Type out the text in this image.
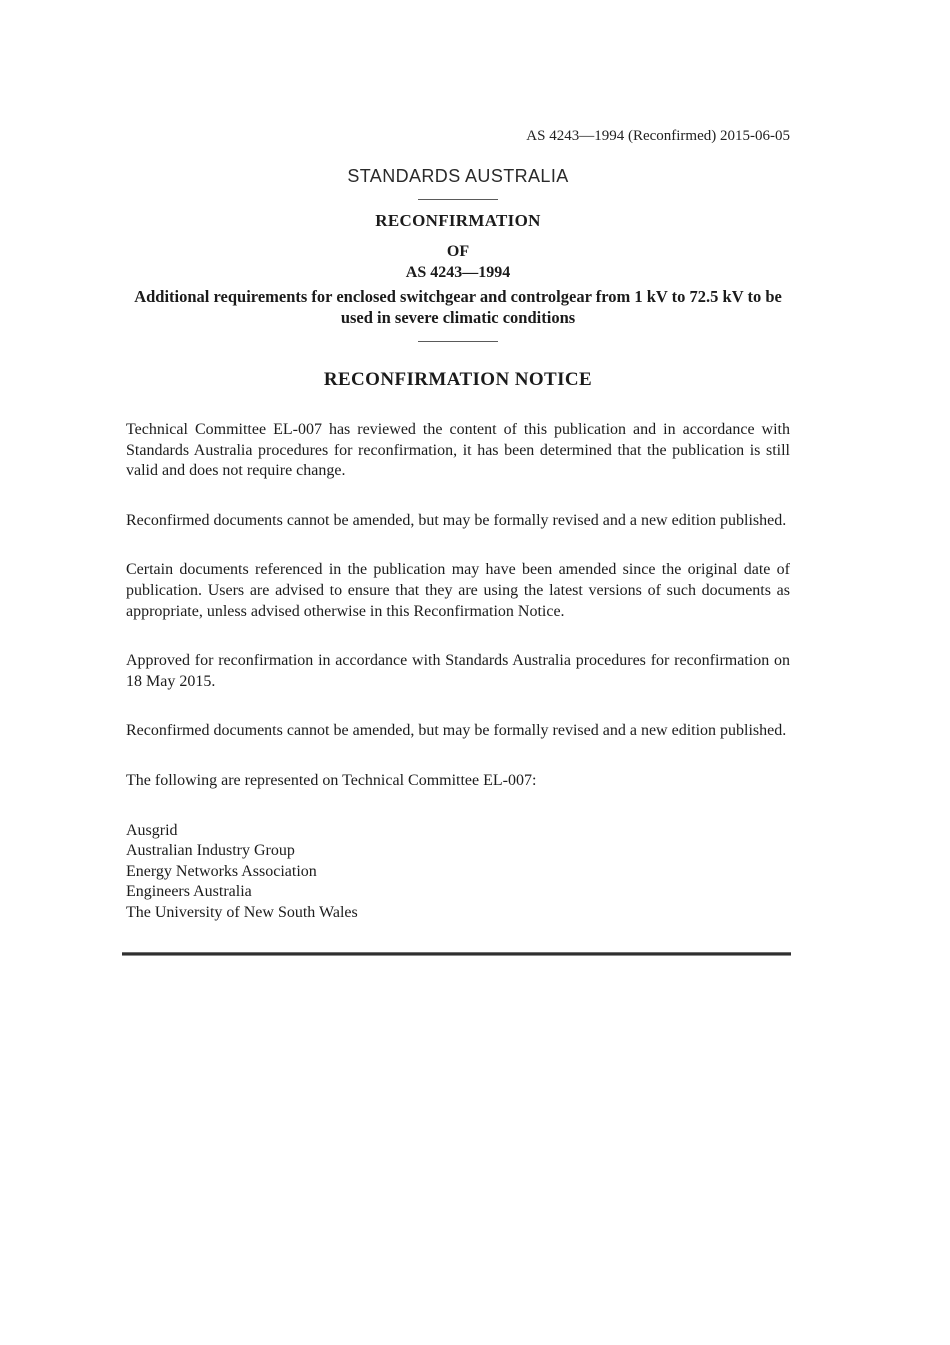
AS 4243—1994 (Reconfirmed) 2015-06-05
STANDARDS AUSTRALIA
RECONFIRMATION
OF
AS 4243—1994
Additional requirements for enclosed switchgear and controlgear from 1 kV to 72.5 kV to be used in severe climatic conditions
RECONFIRMATION NOTICE

Technical Committee EL-007 has reviewed the content of this publication and in accordance with Standards Australia procedures for reconfirmation, it has been determined that the publication is still valid and does not require change.

Reconfirmed documents cannot be amended, but may be formally revised and a new edition published.

Certain documents referenced in the publication may have been amended since the original date of publication. Users are advised to ensure that they are using the latest versions of such documents as appropriate, unless advised otherwise in this Reconfirmation Notice.

Approved for reconfirmation in accordance with Standards Australia procedures for reconfirmation on 18 May 2015.

Reconfirmed documents cannot be amended, but may be formally revised and a new edition published.

The following are represented on Technical Committee EL-007:

Ausgrid
Australian Industry Group
Energy Networks Association
Engineers Australia
The University of New South Wales
